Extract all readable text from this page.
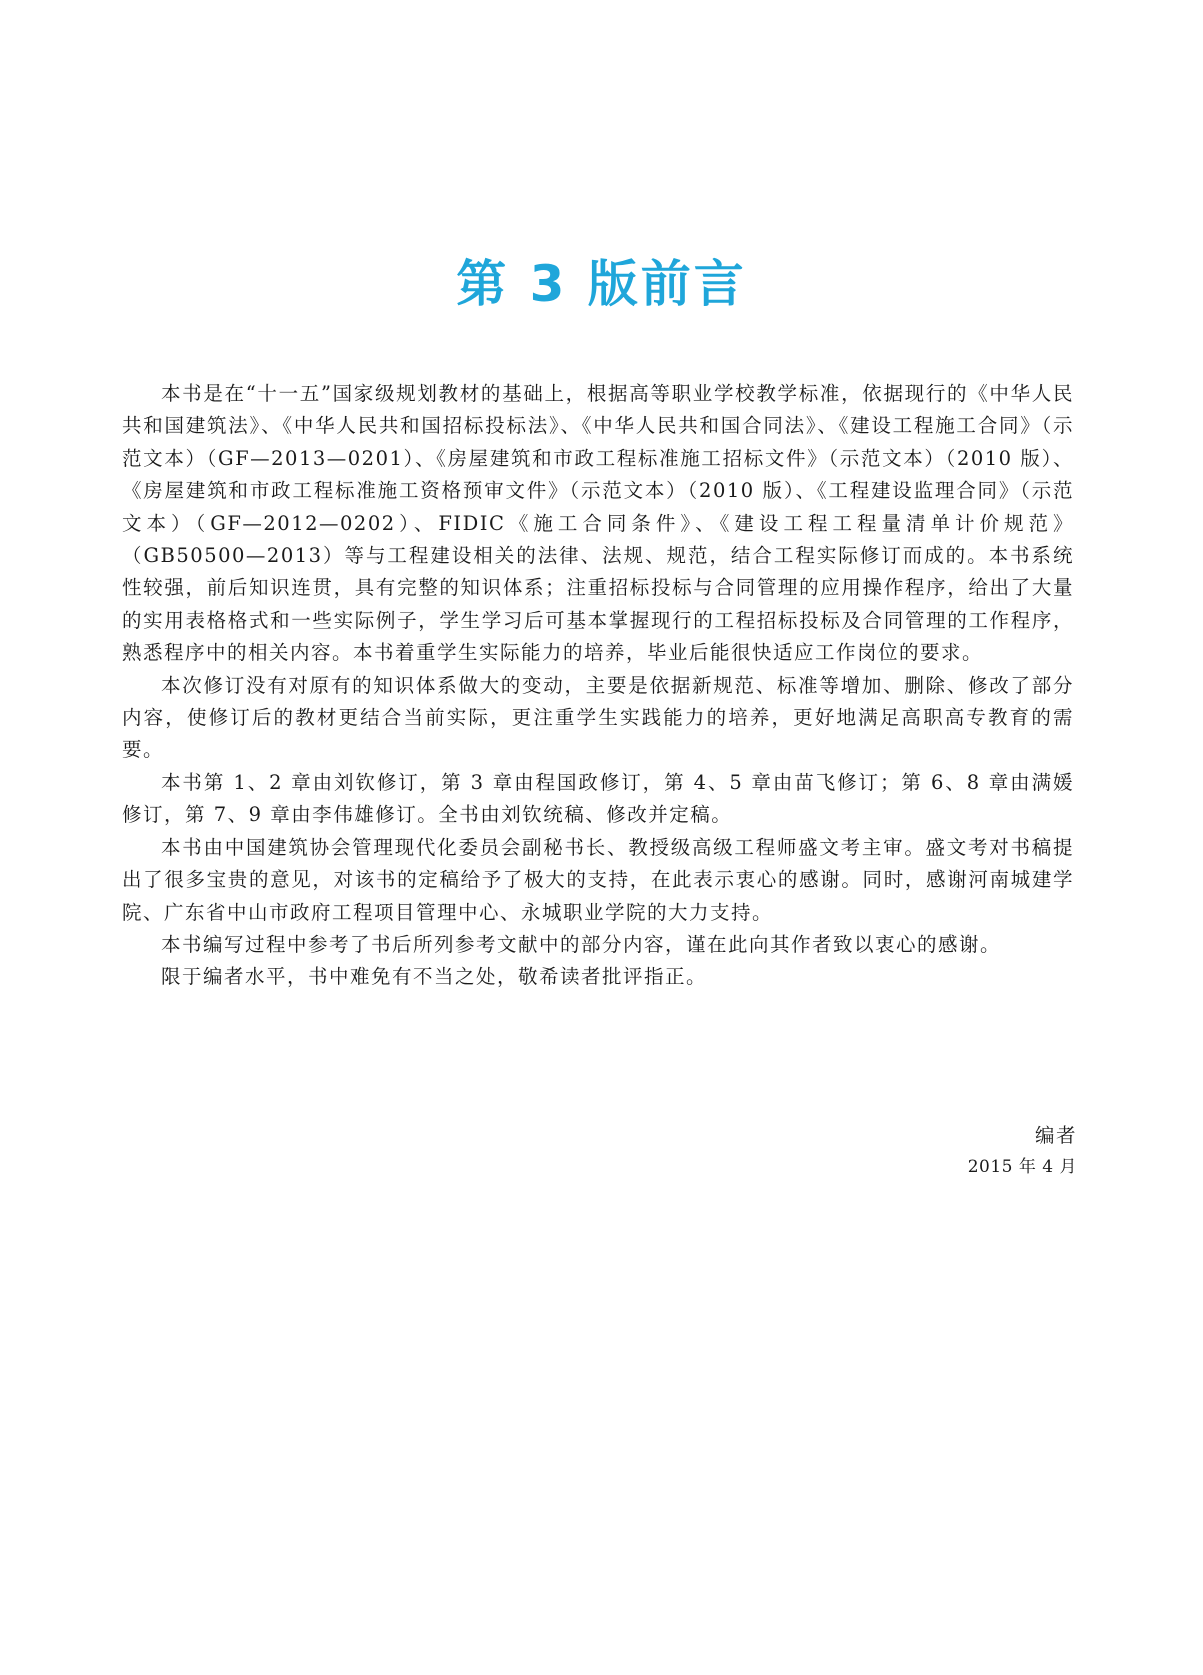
第 3 版前言

本书是在“十一五”国家级规划教材的基础上，根据高等职业学校教学标准，依据现行的《中华人民共和国建筑法》、《中华人民共和国招标投标法》、《中华人民共和国合同法》、《建设工程施工合同》（示范文本）（GF—2013—0201）、《房屋建筑和市政工程标准施工招标文件》（示范文本）（2010 版）、《房屋建筑和市政工程标准施工资格预审文件》（示范文本）（2010 版）、《工程建设监理合同》（示范文本）（GF—2012—0202）、FIDIC《施工合同条件》、《建设工程工程量清单计价规范》（GB50500—2013）等与工程建设相关的法律、法规、规范，结合工程实际修订而成的。本书系统性较强，前后知识连贯，具有完整的知识体系；注重招标投标与合同管理的应用操作程序，给出了大量的实用表格格式和一些实际例子，学生学习后可基本掌握现行的工程招标投标及合同管理的工作程序，熟悉程序中的相关内容。本书着重学生实际能力的培养，毕业后能很快适应工作岗位的要求。

本次修订没有对原有的知识体系做大的变动，主要是依据新规范、标准等增加、删除、修改了部分内容，使修订后的教材更结合当前实际，更注重学生实践能力的培养，更好地满足高职高专教育的需要。

本书第 1、2 章由刘钦修订，第 3 章由程国政修订，第 4、5 章由苗飞修订；第 6、8 章由满媛修订，第 7、9 章由李伟雄修订。全书由刘钦统稿、修改并定稿。

本书由中国建筑协会管理现代化委员会副秘书长、教授级高级工程师盛文考主审。盛文考对书稿提出了很多宝贵的意见，对该书的定稿给予了极大的支持，在此表示衷心的感谢。同时，感谢河南城建学院、广东省中山市政府工程项目管理中心、永城职业学院的大力支持。

本书编写过程中参考了书后所列参考文献中的部分内容，谨在此向其作者致以衷心的感谢。

限于编者水平，书中难免有不当之处，敬希读者批评指正。

编者
2015 年 4 月
